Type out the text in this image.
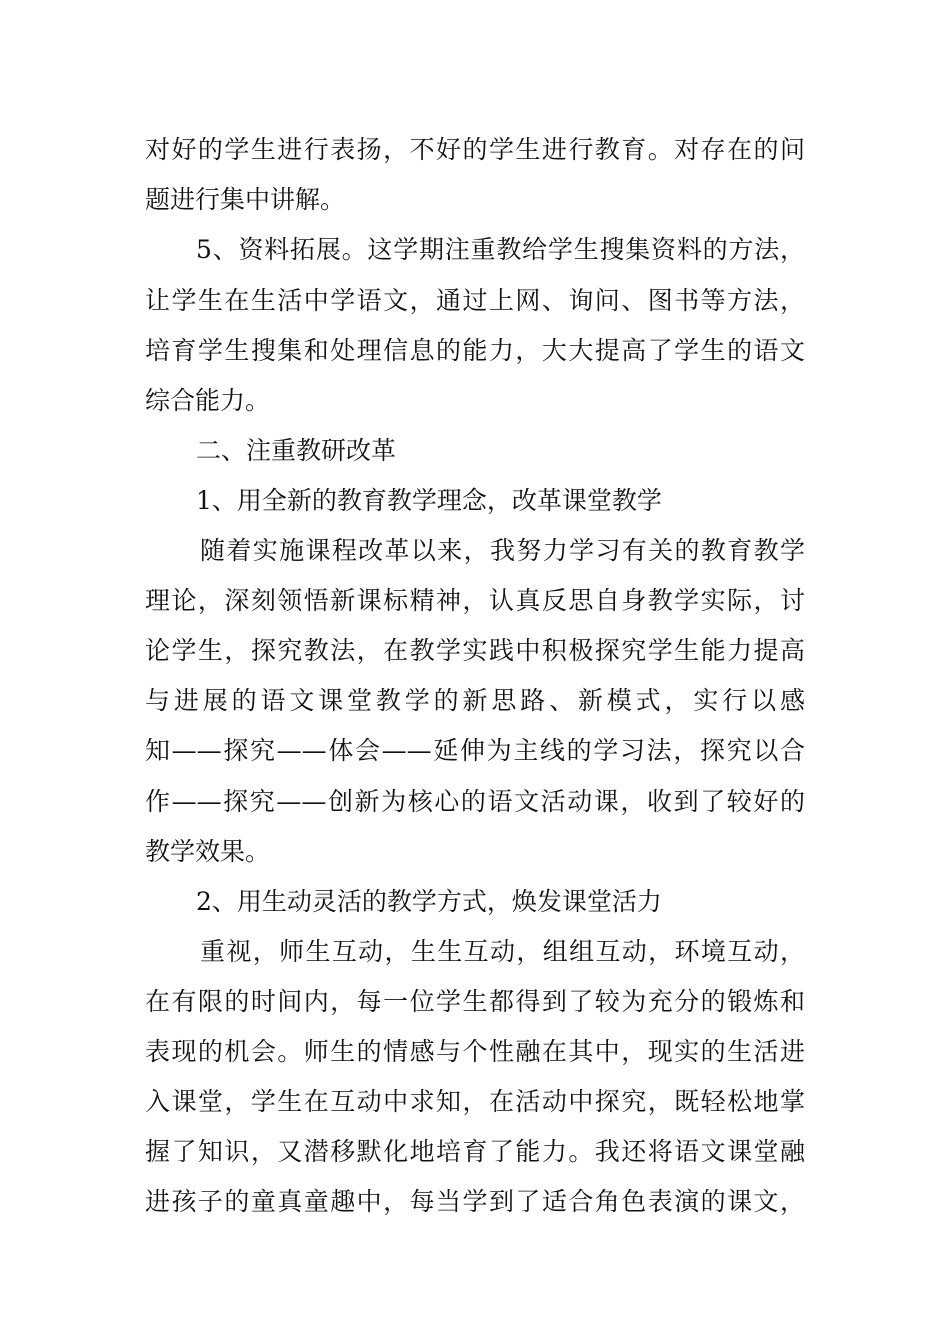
对好的学生进行表扬，不好的学生进行教育。对存在的问
题进行集中讲解。
5、资料拓展。这学期注重教给学生搜集资料的方法，
让学生在生活中学语文，通过上网、询问、图书等方法，
培育学生搜集和处理信息的能力，大大提高了学生的语文
综合能力。
二、注重教研改革
1、用全新的教育教学理念，改革课堂教学
随着实施课程改革以来，我努力学习有关的教育教学
理论，深刻领悟新课标精神，认真反思自身教学实际，讨
论学生，探究教法，在教学实践中积极探究学生能力提高
与进展的语文课堂教学的新思路、新模式，实行以感
知——探究——体会——延伸为主线的学习法，探究以合
作——探究——创新为核心的语文活动课，收到了较好的
教学效果。
2、用生动灵活的教学方式，焕发课堂活力
重视，师生互动，生生互动，组组互动，环境互动，
在有限的时间内，每一位学生都得到了较为充分的锻炼和
表现的机会。师生的情感与个性融在其中，现实的生活进
入课堂，学生在互动中求知，在活动中探究，既轻松地掌
握了知识，又潜移默化地培育了能力。我还将语文课堂融
进孩子的童真童趣中，每当学到了适合角色表演的课文，
